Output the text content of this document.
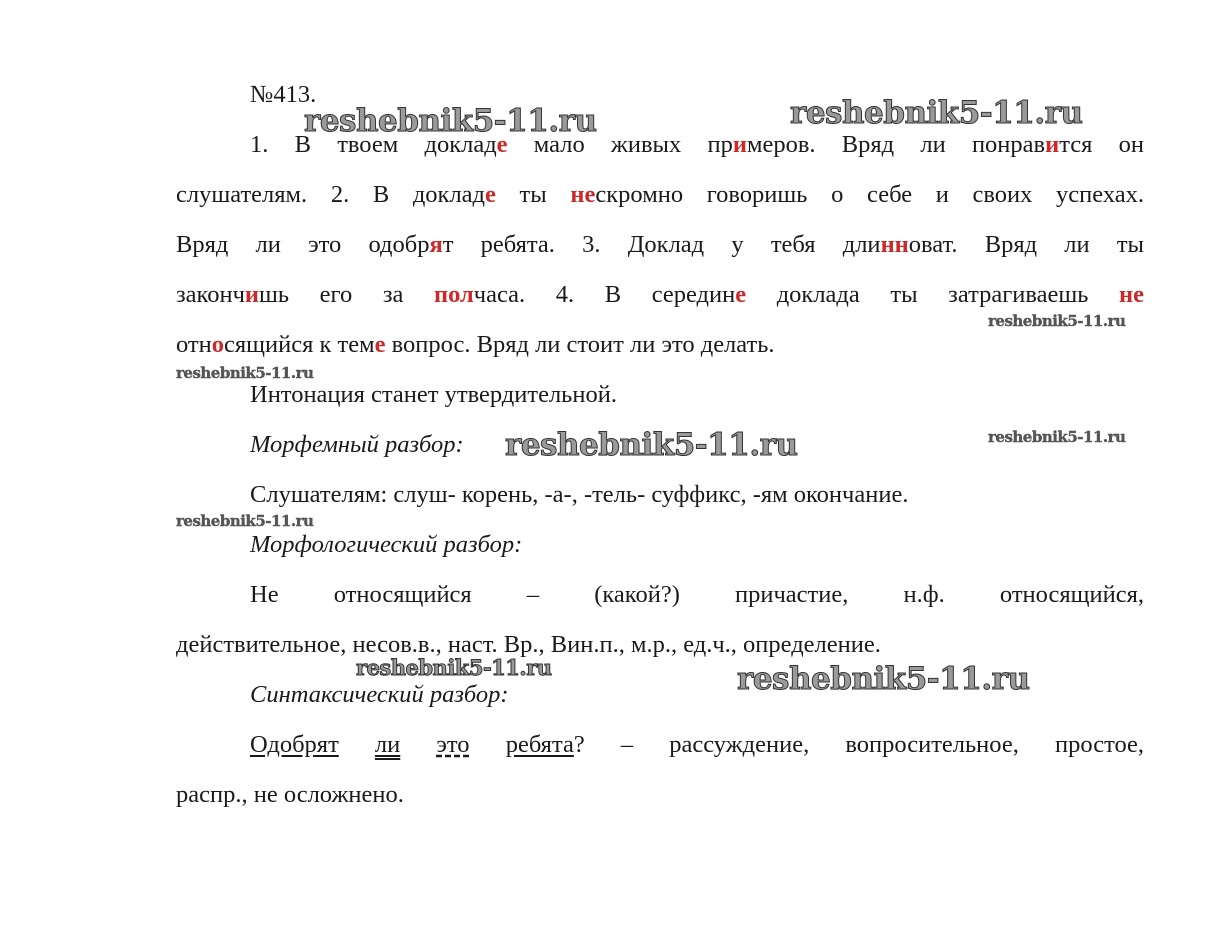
reshebnik5-11.ru	reshebnik5-11.ru
reshebnik5-11.ru
reshebnik5-11.ru
reshebnik5-11.ru	reshebnik5-11.ru
reshebnik5-11.ru
reshebnik5-11.ru	reshebnik5-11.ru
№413.
1. В твоем докладе мало живых примеров. Вряд ли понравится он
слушателям. 2. В докладе ты нескромно говоришь о себе и своих успехах.
Вряд ли это одобрят ребята. 3. Доклад у тебя длинноват. Вряд ли ты
закончишь его за полчаса. 4. В середине доклада ты затрагиваешь не
относящийся к теме вопрос. Вряд ли стоит ли это делать.
Интонация станет утвердительной.
Морфемный разбор:
Слушателям: слуш- корень, -а-, -тель- суффикс, -ям окончание.
Морфологический разбор:
Не относящийся – (какой?) причастие, н.ф. относящийся,
действительное, несов.в., наст. Вр., Вин.п., м.р., ед.ч., определение.
Синтаксический разбор:
Одобрят ли это ребята? – рассуждение, вопросительное, простое,
распр., не осложнено.
